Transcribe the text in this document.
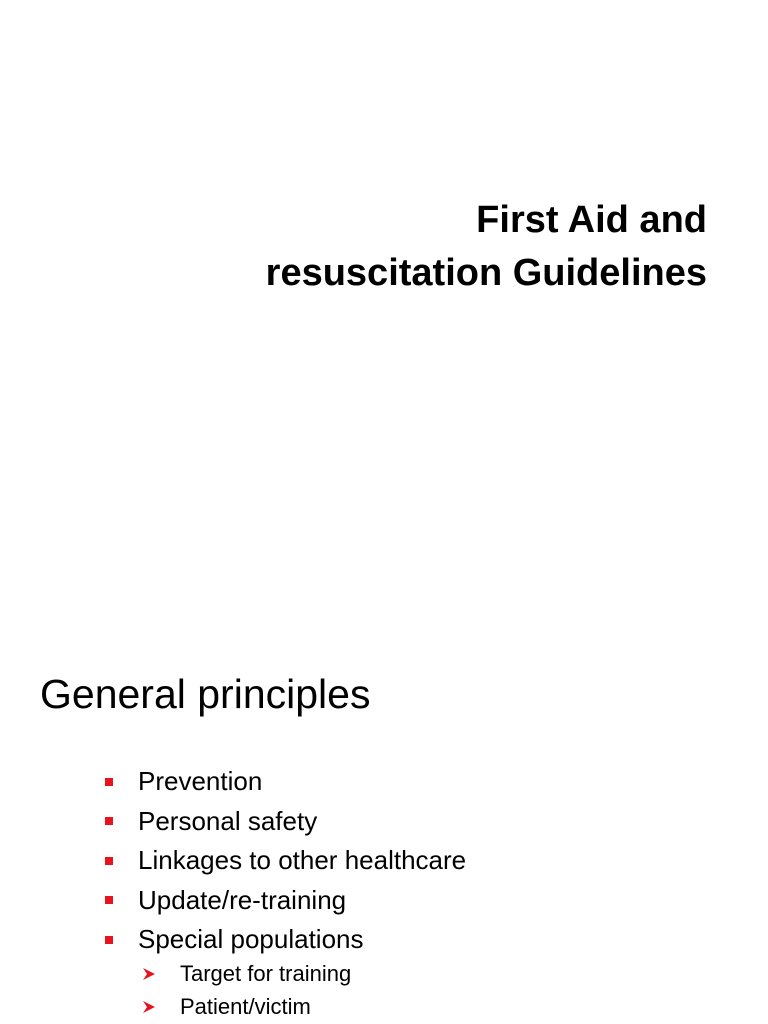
First Aid and
resuscitation Guidelines
General principles
Prevention
Personal safety
Linkages to other healthcare
Update/re-training
Special populations
Target for training
Patient/victim
